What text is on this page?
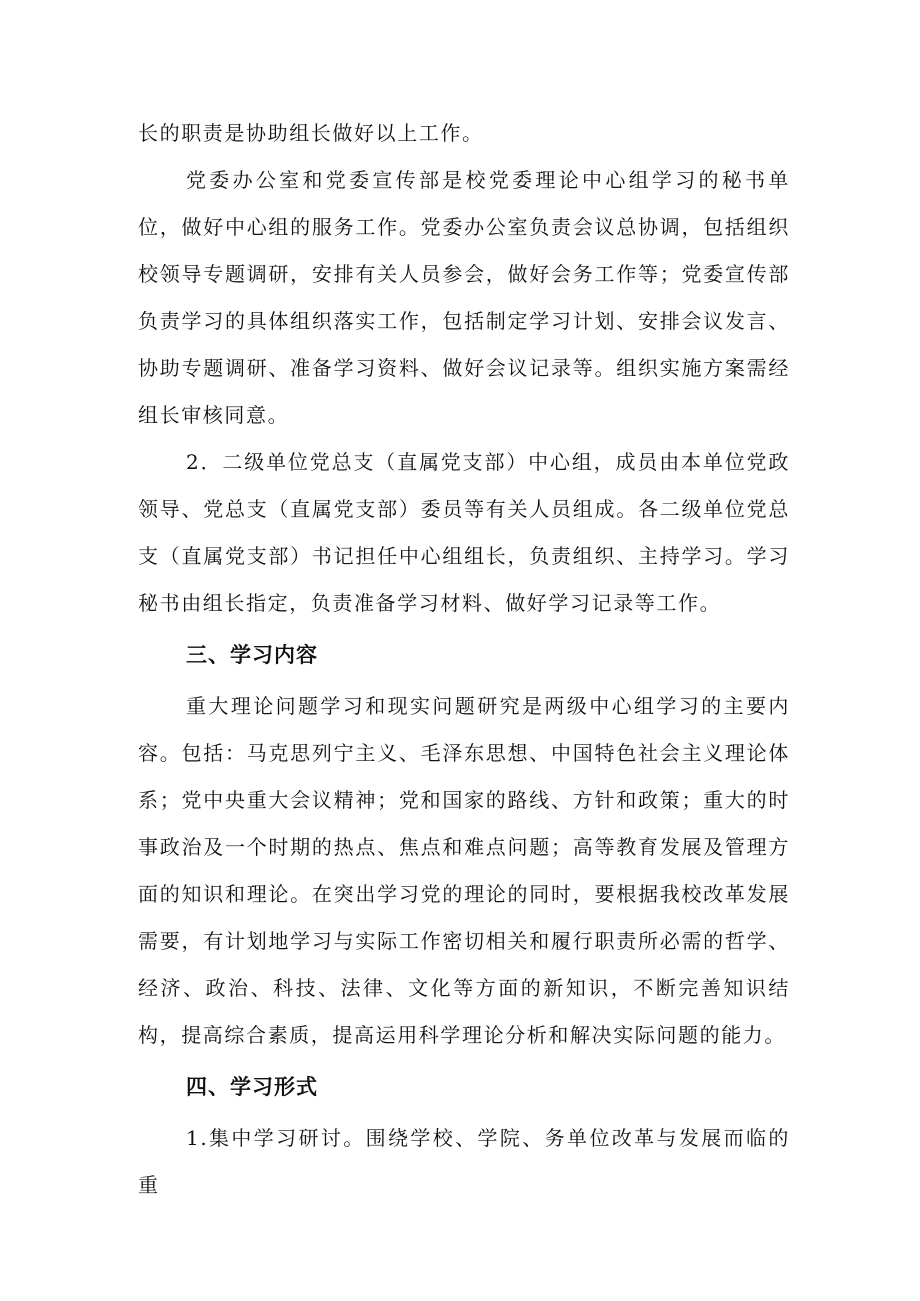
长的职责是协助组长做好以上工作。

党委办公室和党委宣传部是校党委理论中心组学习的秘书单位，做好中心组的服务工作。党委办公室负责会议总协调，包括组织校领导专题调研，安排有关人员参会，做好会务工作等；党委宣传部负责学习的具体组织落实工作，包括制定学习计划、安排会议发言、协助专题调研、准备学习资料、做好会议记录等。组织实施方案需经组长审核同意。

2．二级单位党总支（直属党支部）中心组，成员由本单位党政领导、党总支（直属党支部）委员等有关人员组成。各二级单位党总支（直属党支部）书记担任中心组组长，负责组织、主持学习。学习秘书由组长指定，负责准备学习材料、做好学习记录等工作。

三、学习内容

重大理论问题学习和现实问题研究是两级中心组学习的主要内容。包括：马克思列宁主义、毛泽东思想、中国特色社会主义理论体系；党中央重大会议精神；党和国家的路线、方针和政策；重大的时事政治及一个时期的热点、焦点和难点问题；高等教育发展及管理方面的知识和理论。在突出学习党的理论的同时，要根据我校改革发展需要，有计划地学习与实际工作密切相关和履行职责所必需的哲学、经济、政治、科技、法律、文化等方面的新知识，不断完善知识结构，提高综合素质，提高运用科学理论分析和解决实际问题的能力。

四、学习形式

1.集中学习研讨。围绕学校、学院、务单位改革与发展而临的重
